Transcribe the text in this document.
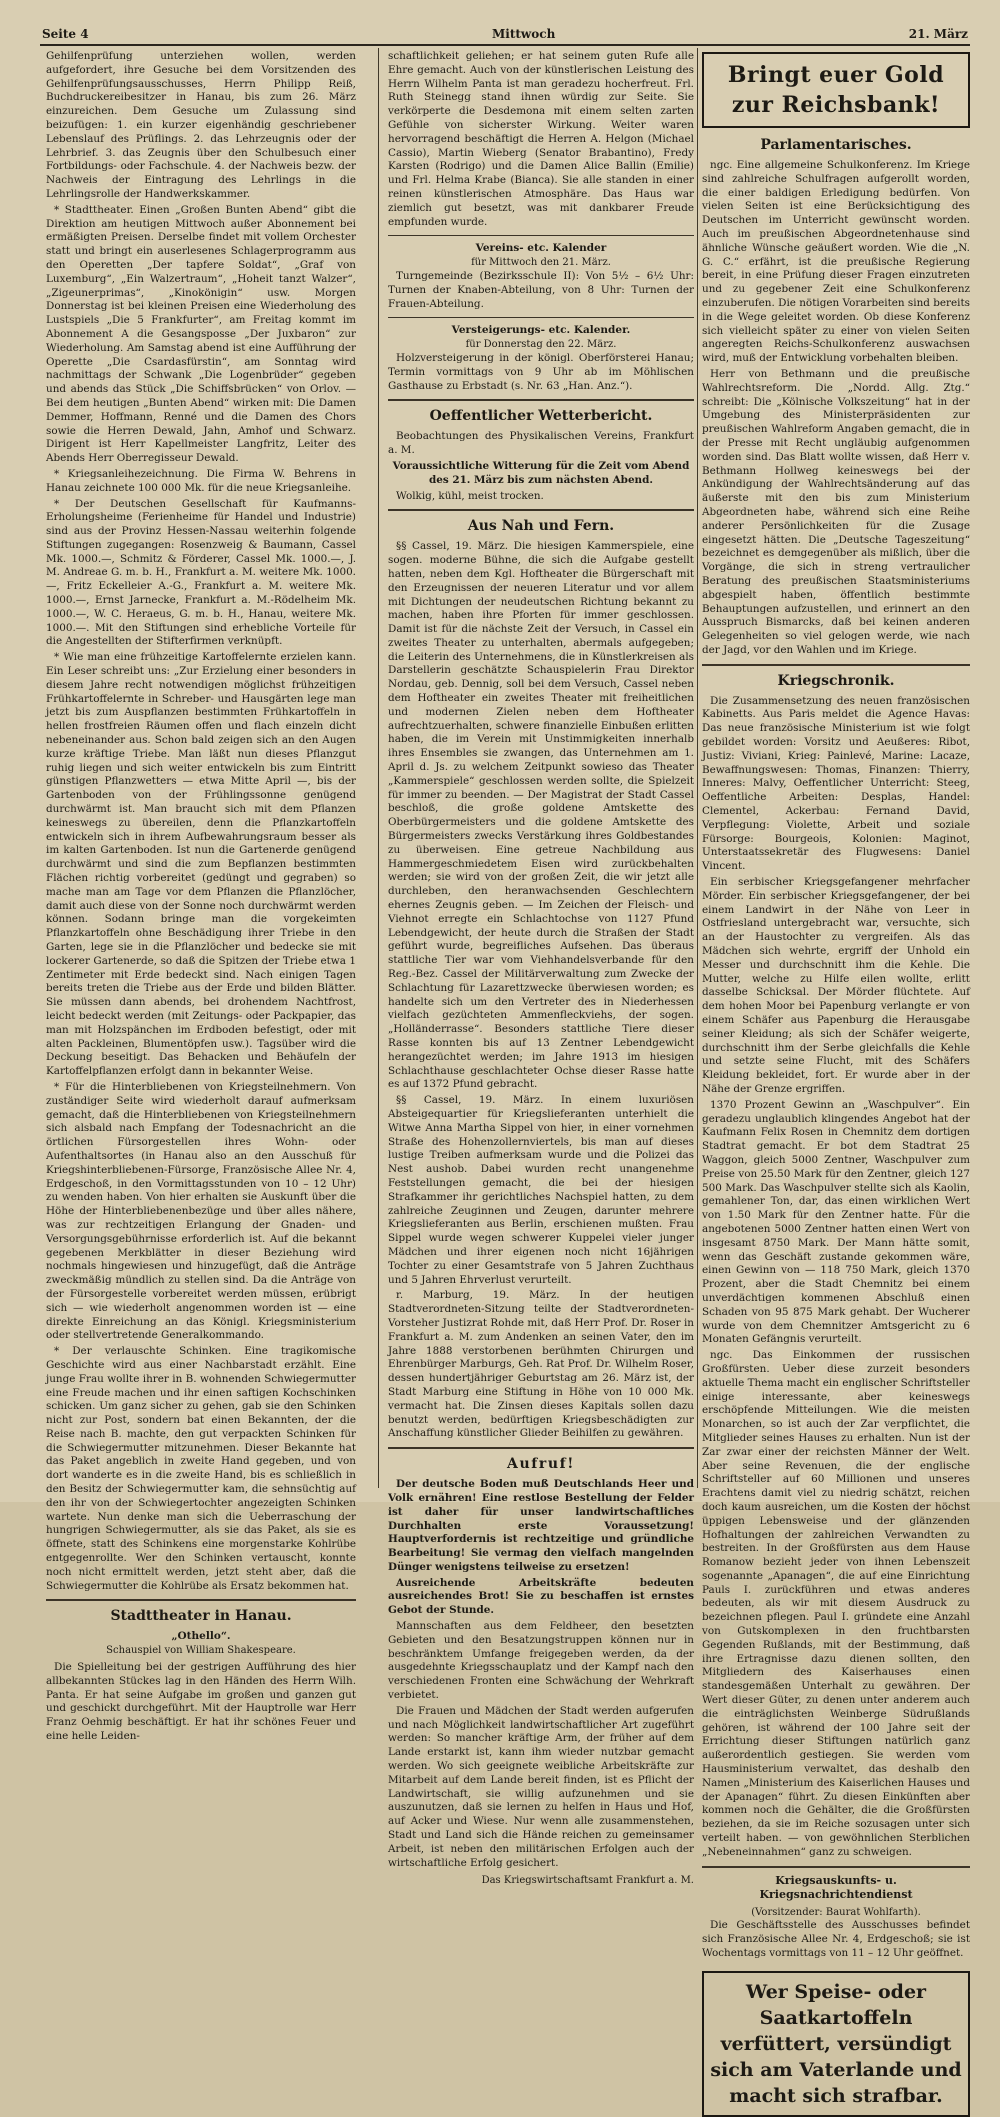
Seite 4	Mittwoch	21. März

Gehilfenprüfung unterziehen wollen, werden aufgefordert, ihre Gesuche bei dem Vorsitzenden des Gehilfenprüfungsausschusses, Herrn Philipp Reiß, Buchdruckereibesitzer in Hanau, bis zum 26. März einzureichen. Dem Gesuche um Zulassung sind beizufügen: 1. ein kurzer eigenhändig geschriebener Lebenslauf des Prüflings. 2. das Lehrzeugnis oder der Lehrbrief. 3. das Zeugnis über den Schulbesuch einer Fortbildungs- oder Fachschule. 4. der Nachweis bezw. der Nachweis der Eintragung des Lehrlings in die Lehrlingsrolle der Handwerkskammer.

* Stadttheater. Einen „Großen Bunten Abend“ gibt die Direktion am heutigen Mittwoch außer Abonnement bei ermäßigten Preisen. Derselbe findet mit vollem Orchester statt und bringt ein auserlesenes Schlagerprogramm aus den Operetten „Der tapfere Soldat“, „Graf von Luxemburg“, „Ein Walzertraum“, „Hoheit tanzt Walzer“, „Zigeunerprimas“, „Kinokönigin“ usw. Morgen Donnerstag ist bei kleinen Preisen eine Wiederholung des Lustspiels „Die 5 Frankfurter“, am Freitag kommt im Abonnement A die Gesangsposse „Der Juxbaron“ zur Wiederholung. Am Samstag abend ist eine Aufführung der Operette „Die Csardasfürstin“, am Sonntag wird nachmittags der Schwank „Die Logenbrüder“ gegeben und abends das Stück „Die Schiffsbrücken“ von Orlov. — Bei dem heutigen „Bunten Abend“ wirken mit: Die Damen Demmer, Hoffmann, Renné und die Damen des Chors sowie die Herren Dewald, Jahn, Amhof und Schwarz. Dirigent ist Herr Kapellmeister Langfritz, Leiter des Abends Herr Oberregisseur Dewald.

* Kriegsanleihezeichnung. Die Firma W. Behrens in Hanau zeichnete 100 000 Mk. für die neue Kriegsanleihe.

* Der Deutschen Gesellschaft für Kaufmanns-Erholungsheime (Ferienheime für Handel und Industrie) sind aus der Provinz Hessen-Nassau weiterhin folgende Stiftungen zugegangen: Rosenzweig & Baumann, Cassel Mk. 1000.—, Schmitz & Förderer, Cassel Mk. 1000.—, J. M. Andreae G. m. b. H., Frankfurt a. M. weitere Mk. 1000.—, Fritz Eckelleier A.-G., Frankfurt a. M. weitere Mk. 1000.—, Ernst Jarnecke, Frankfurt a. M.-Rödelheim Mk. 1000.—, W. C. Heraeus, G. m. b. H., Hanau, weitere Mk. 1000.—. Mit den Stiftungen sind erhebliche Vorteile für die Angestellten der Stifterfirmen verknüpft.

* Wie man eine frühzeitige Kartoffelernte erzielen kann. Ein Leser schreibt uns: „Zur Erzielung einer besonders in diesem Jahre recht notwendigen möglichst frühzeitigen Frühkartoffelernte in Schreber- und Hausgärten lege man jetzt bis zum Auspflanzen bestimmten Frühkartoffeln in hellen frostfreien Räumen offen und flach einzeln dicht nebeneinander aus. Schon bald zeigen sich an den Augen kurze kräftige Triebe. Man läßt nun dieses Pflanzgut ruhig liegen und sich weiter entwickeln bis zum Eintritt günstigen Pflanzwetters — etwa Mitte April —, bis der Gartenboden von der Frühlingssonne genügend durchwärmt ist. Man braucht sich mit dem Pflanzen keineswegs zu übereilen, denn die Pflanzkartoffeln entwickeln sich in ihrem Aufbewahrungsraum besser als im kalten Gartenboden. Ist nun die Gartenerde genügend durchwärmt und sind die zum Bepflanzen bestimmten Flächen richtig vorbereitet (gedüngt und gegraben) so mache man am Tage vor dem Pflanzen die Pflanzlöcher, damit auch diese von der Sonne noch durchwärmt werden können. Sodann bringe man die vorgekeimten Pflanzkartoffeln ohne Beschädigung ihrer Triebe in den Garten, lege sie in die Pflanzlöcher und bedecke sie mit lockerer Gartenerde, so daß die Spitzen der Triebe etwa 1 Zentimeter mit Erde bedeckt sind. Nach einigen Tagen bereits treten die Triebe aus der Erde und bilden Blätter. Sie müssen dann abends, bei drohendem Nachtfrost, leicht bedeckt werden (mit Zeitungs- oder Packpapier, das man mit Holzspänchen im Erdboden befestigt, oder mit alten Packleinen, Blumentöpfen usw.). Tagsüber wird die Deckung beseitigt. Das Behacken und Behäufeln der Kartoffelpflanzen erfolgt dann in bekannter Weise.

* Für die Hinterbliebenen von Kriegsteilnehmern. Von zuständiger Seite wird wiederholt darauf aufmerksam gemacht, daß die Hinterbliebenen von Kriegsteilnehmern sich alsbald nach Empfang der Todesnachricht an die örtlichen Fürsorgestellen ihres Wohn- oder Aufenthaltsortes (in Hanau also an den Ausschuß für Kriegshinterbliebenen-Fürsorge, Französische Allee Nr. 4, Erdgeschoß, in den Vormittagsstunden von 10 – 12 Uhr) zu wenden haben. Von hier erhalten sie Auskunft über die Höhe der Hinterbliebenenbezüge und über alles nähere, was zur rechtzeitigen Erlangung der Gnaden- und Versorgungsgebührnisse erforderlich ist. Auf die bekannt gegebenen Merkblätter in dieser Beziehung wird nochmals hingewiesen und hinzugefügt, daß die Anträge zweckmäßig mündlich zu stellen sind. Da die Anträge von der Fürsorgestelle vorbereitet werden müssen, erübrigt sich — wie wiederholt angenommen worden ist — eine direkte Einreichung an das Königl. Kriegsministerium oder stellvertretende Generalkommando.

* Der verlauschte Schinken. Eine tragikomische Geschichte wird aus einer Nachbarstadt erzählt. Eine junge Frau wollte ihrer in B. wohnenden Schwiegermutter eine Freude machen und ihr einen saftigen Kochschinken schicken. Um ganz sicher zu gehen, gab sie den Schinken nicht zur Post, sondern bat einen Bekannten, der die Reise nach B. machte, den gut verpackten Schinken für die Schwiegermutter mitzunehmen. Dieser Bekannte hat das Paket angeblich in zweite Hand gegeben, und von dort wanderte es in die zweite Hand, bis es schließlich in den Besitz der Schwiegermutter kam, die sehnsüchtig auf den ihr von der Schwiegertochter angezeigten Schinken wartete. Nun denke man sich die Ueberraschung der hungrigen Schwiegermutter, als sie das Paket, als sie es öffnete, statt des Schinkens eine morgenstarke Kohlrübe entgegenrollte. Wer den Schinken vertauscht, konnte noch nicht ermittelt werden, jetzt steht aber, daß die Schwiegermutter die Kohlrübe als Ersatz bekommen hat.

Stadttheater in Hanau.
„Othello“.
Schauspiel von William Shakespeare.

Die Spielleitung bei der gestrigen Aufführung des hier allbekannten Stückes lag in den Händen des Herrn Wilh. Panta. Er hat seine Aufgabe im großen und ganzen gut und geschickt durchgeführt. Mit der Hauptrolle war Herr Franz Oehmig beschäftigt. Er hat ihr schönes Feuer und eine helle Leiden-

schaftlichkeit geliehen; er hat seinem guten Rufe alle Ehre gemacht. Auch von der künstlerischen Leistung des Herrn Wilhelm Panta ist man geradezu hocherfreut. Frl. Ruth Steinegg stand ihnen würdig zur Seite. Sie verkörperte die Desdemona mit einem selten zarten Gefühle von sicherster Wirkung. Weiter waren hervorragend beschäftigt die Herren A. Helgon (Michael Cassio), Martin Wieberg (Senator Brabantino), Fredy Karsten (Rodrigo) und die Damen Alice Ballin (Emilie) und Frl. Helma Krabe (Bianca). Sie alle standen in einer reinen künstlerischen Atmosphäre. Das Haus war ziemlich gut besetzt, was mit dankbarer Freude empfunden wurde.

Vereins- etc. Kalender
für Mittwoch den 21. März.

Turngemeinde (Bezirksschule II): Von 5½ – 6½ Uhr: Turnen der Knaben-Abteilung, von 8 Uhr: Turnen der Frauen-Abteilung.

Versteigerungs- etc. Kalender.
für Donnerstag den 22. März.

Holzversteigerung in der königl. Oberförsterei Hanau; Termin vormittags von 9 Uhr ab im Möhlischen Gasthause zu Erbstadt (s. Nr. 63 „Han. Anz.“).

Oeffentlicher Wetterbericht.

Beobachtungen des Physikalischen Vereins, Frankfurt a. M.

Voraussichtliche Witterung für die Zeit vom Abend des 21. März bis zum nächsten Abend.

Wolkig, kühl, meist trocken.

Aus Nah und Fern.

§§ Cassel, 19. März. Die hiesigen Kammerspiele, eine sogen. moderne Bühne, die sich die Aufgabe gestellt hatten, neben dem Kgl. Hoftheater die Bürgerschaft mit den Erzeugnissen der neueren Literatur und vor allem mit Dichtungen der neudeutschen Richtung bekannt zu machen, haben ihre Pforten für immer geschlossen. Damit ist für die nächste Zeit der Versuch, in Cassel ein zweites Theater zu unterhalten, abermals aufgegeben; die Leiterin des Unternehmens, die in Künstlerkreisen als Darstellerin geschätzte Schauspielerin Frau Direktor Nordau, geb. Dennig, soll bei dem Versuch, Cassel neben dem Hoftheater ein zweites Theater mit freiheitlichen und modernen Zielen neben dem Hoftheater aufrechtzuerhalten, schwere finanzielle Einbußen erlitten haben, die im Verein mit Unstimmigkeiten innerhalb ihres Ensembles sie zwangen, das Unternehmen am 1. April d. Js. zu welchem Zeitpunkt sowieso das Theater „Kammerspiele“ geschlossen werden sollte, die Spielzeit für immer zu beenden. — Der Magistrat der Stadt Cassel beschloß, die große goldene Amtskette des Oberbürgermeisters und die goldene Amtskette des Bürgermeisters zwecks Verstärkung ihres Goldbestandes zu überweisen. Eine getreue Nachbildung aus Hammergeschmiedetem Eisen wird zurückbehalten werden; sie wird von der großen Zeit, die wir jetzt alle durchleben, den heranwachsenden Geschlechtern ehernes Zeugnis geben. — Im Zeichen der Fleisch- und Viehnot erregte ein Schlachtochse von 1127 Pfund Lebendgewicht, der heute durch die Straßen der Stadt geführt wurde, begreifliches Aufsehen. Das überaus stattliche Tier war vom Viehhandelsverbande für den Reg.-Bez. Cassel der Militärverwaltung zum Zwecke der Schlachtung für Lazarettzwecke überwiesen worden; es handelte sich um den Vertreter des in Niederhessen vielfach gezüchteten Ammenfleckviehs, der sogen. „Holländerrasse“. Besonders stattliche Tiere dieser Rasse konnten bis auf 13 Zentner Lebendgewicht herangezüchtet werden; im Jahre 1913 im hiesigen Schlachthause geschlachteter Ochse dieser Rasse hatte es auf 1372 Pfund gebracht.

§§ Cassel, 19. März. In einem luxuriösen Absteigequartier für Kriegslieferanten unterhielt die Witwe Anna Martha Sippel von hier, in einer vornehmen Straße des Hohenzollernviertels, bis man auf dieses lustige Treiben aufmerksam wurde und die Polizei das Nest aushob. Dabei wurden recht unangenehme Feststellungen gemacht, die bei der hiesigen Strafkammer ihr gerichtliches Nachspiel hatten, zu dem zahlreiche Zeuginnen und Zeugen, darunter mehrere Kriegslieferanten aus Berlin, erschienen mußten. Frau Sippel wurde wegen schwerer Kuppelei vieler junger Mädchen und ihrer eigenen noch nicht 16jährigen Tochter zu einer Gesamtstrafe von 5 Jahren Zuchthaus und 5 Jahren Ehrverlust verurteilt.

r. Marburg, 19. März. In der heutigen Stadtverordneten-Sitzung teilte der Stadtverordneten-Vorsteher Justizrat Rohde mit, daß Herr Prof. Dr. Roser in Frankfurt a. M. zum Andenken an seinen Vater, den im Jahre 1888 verstorbenen berühmten Chirurgen und Ehrenbürger Marburgs, Geh. Rat Prof. Dr. Wilhelm Roser, dessen hundertjähriger Geburtstag am 26. März ist, der Stadt Marburg eine Stiftung in Höhe von 10 000 Mk. vermacht hat. Die Zinsen dieses Kapitals sollen dazu benutzt werden, bedürftigen Kriegsbeschädigten zur Anschaffung künstlicher Glieder Beihilfen zu gewähren.

Aufruf!

Der deutsche Boden muß Deutschlands Heer und Volk ernähren! Eine restlose Bestellung der Felder ist daher für unser landwirtschaftliches Durchhalten erste Voraussetzung! Hauptverfordernis ist rechtzeitige und gründliche Bearbeitung! Sie vermag den vielfach mangelnden Dünger wenigstens teilweise zu ersetzen!

Ausreichende Arbeitskräfte bedeuten ausreichendes Brot! Sie zu beschaffen ist ernstes Gebot der Stunde.

Mannschaften aus dem Feldheer, den besetzten Gebieten und den Besatzungstruppen können nur in beschränktem Umfange freigegeben werden, da der ausgedehnte Kriegsschauplatz und der Kampf nach den verschiedenen Fronten eine Schwächung der Wehrkraft verbietet.

Die Frauen und Mädchen der Stadt werden aufgerufen und nach Möglichkeit landwirtschaftlicher Art zugeführt werden: So mancher kräftige Arm, der früher auf dem Lande erstarkt ist, kann ihm wieder nutzbar gemacht werden. Wo sich geeignete weibliche Arbeitskräfte zur Mitarbeit auf dem Lande bereit finden, ist es Pflicht der Landwirtschaft, sie willig aufzunehmen und sie auszunutzen, daß sie lernen zu helfen in Haus und Hof, auf Acker und Wiese. Nur wenn alle zusammenstehen, Stadt und Land sich die Hände reichen zu gemeinsamer Arbeit, ist neben den militärischen Erfolgen auch der wirtschaftliche Erfolg gesichert.

Das Kriegswirtschaftsamt Frankfurt a. M.
Bringt euer Gold zur Reichsbank!
Parlamentarisches.

ngc. Eine allgemeine Schulkonferenz. Im Kriege sind zahlreiche Schulfragen aufgerollt worden, die einer baldigen Erledigung bedürfen. Von vielen Seiten ist eine Berücksichtigung des Deutschen im Unterricht gewünscht worden. Auch im preußischen Abgeordnetenhause sind ähnliche Wünsche geäußert worden. Wie die „N. G. C.“ erfährt, ist die preußische Regierung bereit, in eine Prüfung dieser Fragen einzutreten und zu gegebener Zeit eine Schulkonferenz einzuberufen. Die nötigen Vorarbeiten sind bereits in die Wege geleitet worden. Ob diese Konferenz sich vielleicht später zu einer von vielen Seiten angeregten Reichs-Schulkonferenz auswachsen wird, muß der Entwicklung vorbehalten bleiben.

Herr von Bethmann und die preußische Wahlrechtsreform. Die „Nordd. Allg. Ztg.“ schreibt: Die „Kölnische Volkszeitung“ hat in der Umgebung des Ministerpräsidenten zur preußischen Wahlreform Angaben gemacht, die in der Presse mit Recht ungläubig aufgenommen worden sind. Das Blatt wollte wissen, daß Herr v. Bethmann Hollweg keineswegs bei der Ankündigung der Wahlrechtsänderung auf das äußerste mit den bis zum Ministerium Abgeordneten habe, während sich eine Reihe anderer Persönlichkeiten für die Zusage eingesetzt hätten. Die „Deutsche Tageszeitung“ bezeichnet es demgegenüber als mißlich, über die Vorgänge, die sich in streng vertraulicher Beratung des preußischen Staatsministeriums abgespielt haben, öffentlich bestimmte Behauptungen aufzustellen, und erinnert an den Ausspruch Bismarcks, daß bei keinen anderen Gelegenheiten so viel gelogen werde, wie nach der Jagd, vor den Wahlen und im Kriege.

Kriegschronik.

Die Zusammensetzung des neuen französischen Kabinetts. Aus Paris meldet die Agence Havas: Das neue französische Ministerium ist wie folgt gebildet worden: Vorsitz und Aeußeres: Ribot, Justiz: Viviani, Krieg: Painlevé, Marine: Lacaze, Bewaffnungswesen: Thomas, Finanzen: Thierry, Inneres: Malvy, Oeffentlicher Unterricht: Steeg, Oeffentliche Arbeiten: Desplas, Handel: Clementel, Ackerbau: Fernand David, Verpflegung: Violette, Arbeit und soziale Fürsorge: Bourgeois, Kolonien: Maginot, Unterstaatssekretär des Flugwesens: Daniel Vincent.

Ein serbischer Kriegsgefangener mehrfacher Mörder. Ein serbischer Kriegsgefangener, der bei einem Landwirt in der Nähe von Leer in Ostfriesland untergebracht war, versuchte, sich an der Haustochter zu vergreifen. Als das Mädchen sich wehrte, ergriff der Unhold ein Messer und durchschnitt ihm die Kehle. Die Mutter, welche zu Hilfe eilen wollte, erlitt dasselbe Schicksal. Der Mörder flüchtete. Auf dem hohen Moor bei Papenburg verlangte er von einem Schäfer aus Papenburg die Herausgabe seiner Kleidung; als sich der Schäfer weigerte, durchschnitt ihm der Serbe gleichfalls die Kehle und setzte seine Flucht, mit des Schäfers Kleidung bekleidet, fort. Er wurde aber in der Nähe der Grenze ergriffen.

1370 Prozent Gewinn an „Waschpulver“. Ein geradezu unglaublich klingendes Angebot hat der Kaufmann Felix Rosen in Chemnitz dem dortigen Stadtrat gemacht. Er bot dem Stadtrat 25 Waggon, gleich 5000 Zentner, Waschpulver zum Preise von 25.50 Mark für den Zentner, gleich 127 500 Mark. Das Waschpulver stellte sich als Kaolin, gemahlener Ton, dar, das einen wirklichen Wert von 1.50 Mark für den Zentner hatte. Für die angebotenen 5000 Zentner hatten einen Wert von insgesamt 8750 Mark. Der Mann hätte somit, wenn das Geschäft zustande gekommen wäre, einen Gewinn von — 118 750 Mark, gleich 1370 Prozent, aber die Stadt Chemnitz bei einem unverdächtigen kommenen Abschluß einen Schaden von 95 875 Mark gehabt. Der Wucherer wurde von dem Chemnitzer Amtsgericht zu 6 Monaten Gefängnis verurteilt.

ngc. Das Einkommen der russischen Großfürsten. Ueber diese zurzeit besonders aktuelle Thema macht ein englischer Schriftsteller einige interessante, aber keineswegs erschöpfende Mitteilungen. Wie die meisten Monarchen, so ist auch der Zar verpflichtet, die Mitglieder seines Hauses zu erhalten. Nun ist der Zar zwar einer der reichsten Männer der Welt. Aber seine Revenuen, die der englische Schriftsteller auf 60 Millionen und unseres Erachtens damit viel zu niedrig schätzt, reichen doch kaum ausreichen, um die Kosten der höchst üppigen Lebensweise und der glänzenden Hofhaltungen der zahlreichen Verwandten zu bestreiten. In der Großfürsten aus dem Hause Romanow bezieht jeder von ihnen Lebenszeit sogenannte „Apanagen“, die auf eine Einrichtung Pauls I. zurückführen und etwas anderes bedeuten, als wir mit diesem Ausdruck zu bezeichnen pflegen. Paul I. gründete eine Anzahl von Gutskomplexen in den fruchtbarsten Gegenden Rußlands, mit der Bestimmung, daß ihre Ertragnisse dazu dienen sollten, den Mitgliedern des Kaiserhauses einen standesgemäßen Unterhalt zu gewähren. Der Wert dieser Güter, zu denen unter anderem auch die einträglichsten Weinberge Südrußlands gehören, ist während der 100 Jahre seit der Errichtung dieser Stiftungen natürlich ganz außerordentlich gestiegen. Sie werden vom Hausministerium verwaltet, das deshalb den Namen „Ministerium des Kaiserlichen Hauses und der Apanagen“ führt. Zu diesen Einkünften aber kommen noch die Gehälter, die die Großfürsten beziehen, da sie im Reiche sozusagen unter sich verteilt haben. — von gewöhnlichen Sterblichen „Nebeneinnahmen“ ganz zu schweigen.

Kriegsauskunfts- u. Kriegsnachrichtendienst
(Vorsitzender: Baurat Wohlfarth).

Die Geschäftsstelle des Ausschusses befindet sich Französische Allee Nr. 4, Erdgeschoß; sie ist Wochentags vormittags von 11 – 12 Uhr geöffnet.

Wer Speise- oder Saatkartoffeln verfüttert, versündigt sich am Vaterlande und macht sich strafbar.
